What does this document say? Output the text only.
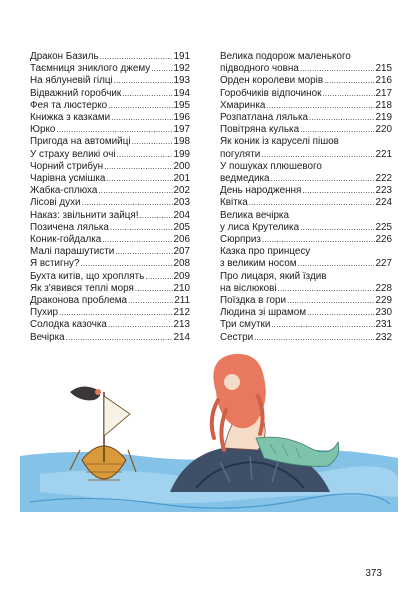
Дракон Базиль .....	191
Таємниця зниклого джему ..... 192
На яблуневій гілці .....	193
Відважний горобчик .....	194
Фея та люстерко .....	195
Книжка з казками .....	196
Юрко .....	197
Пригода на автомийці .....	198
У страху великі очі .....	199
Чорний стрибун .....	200
Чарівна усмішка .....	201
Жабка-сплюха .....	202
Лісові духи .....	203
Наказ: звільнити зайця! .....	204
Позичена лялька .....	205
Коник-гойдалка .....	206
Малі парашутисти .....	207
Я встигну? .....	208
Бухта китів, що хроплять .....	209
Як з'явився теплі моря .....	210
Драконова проблема .....	211
Пухир .....	212
Солодка казочка .....	213
Вечірка .....	214
Велика подорож маленького
підводного човна .....	215
Орден королеви морів .....	216
Горобчиків відпочинок .....	217
Хмаринка .....	218
Розпатлана лялька .....	219
Повітряна кулька .....	220
Як коник із каруселі пішов
погуляти .....	221
У пошуках плюшевого
ведмедика .....	222
День народження .....	223
Квітка .....	224
Велика вечірка
у лиса Крутелика .....	225
Сюрприз .....	226
Казка про принцесу
з великим носом .....	227
Про лицаря, який їздив
на віслюкові .....	228
Поїздка в гори .....	229
Людина зі шрамом .....	230
Три смутки .....	231
Сестри .....	232
373
